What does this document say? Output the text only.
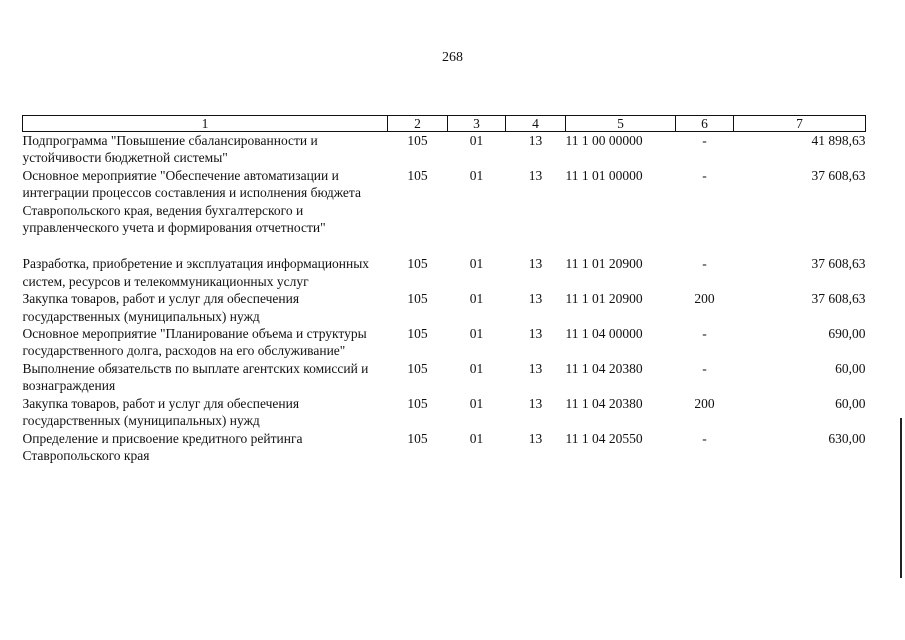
268
1	2	3	4	5	6	7
Подпрограмма "Повышение сбалансированности и устойчивости бюджетной системы"	105	01	13	11 1 00 00000	-	41 898,63
Основное мероприятие "Обеспечение автоматизации и интеграции процессов составления и исполнения бюджета Ставропольского края, ведения бухгалтерского и управленческого учета и формирования отчетности"	105	01	13	11 1 01 00000	-	37 608,63
Разработка, приобретение и эксплуатация информационных систем, ресурсов и телекоммуникационных услуг	105	01	13	11 1 01 20900	-	37 608,63
Закупка товаров, работ и услуг для обеспечения государственных (муниципальных) нужд	105	01	13	11 1 01 20900	200	37 608,63
Основное мероприятие "Планирование объема и структуры государственного долга, расходов на его обслуживание"	105	01	13	11 1 04 00000	-	690,00
Выполнение обязательств по выплате агентских комиссий и вознаграждения	105	01	13	11 1 04 20380	-	60,00
Закупка товаров, работ и услуг для обеспечения государственных (муниципальных) нужд	105	01	13	11 1 04 20380	200	60,00
Определение и присвоение кредитного рейтинга Ставропольского края	105	01	13	11 1 04 20550	-	630,00
